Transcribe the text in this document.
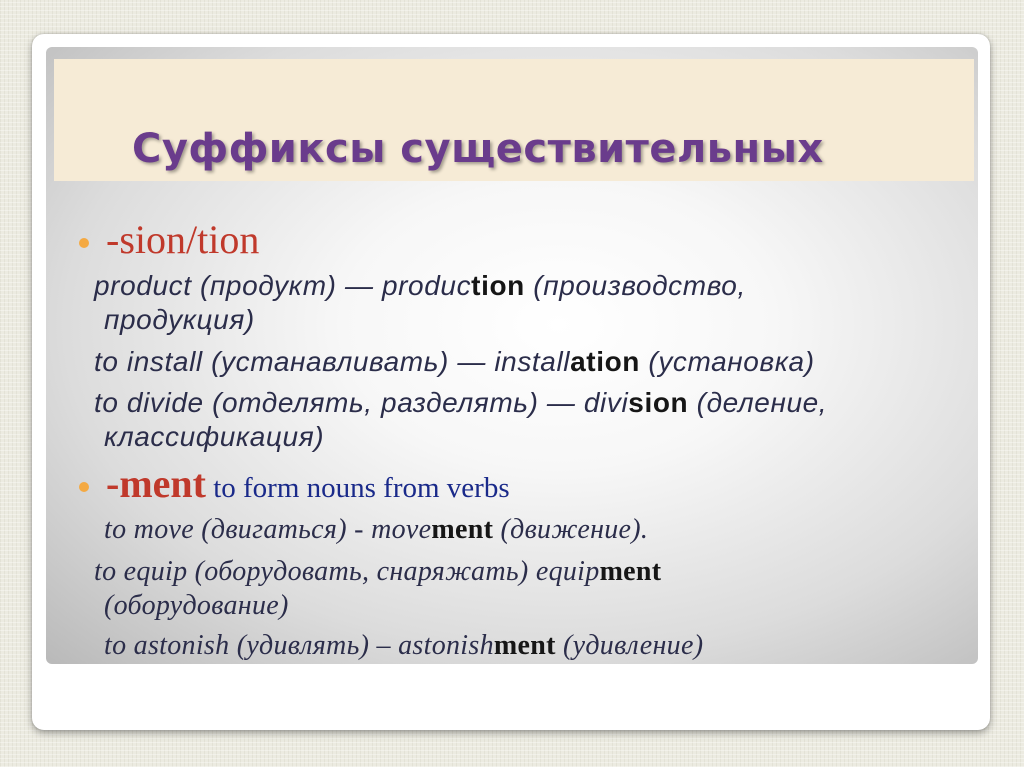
Суффиксы существительных
-sion/tion

product (продукт) — production (производство,

продукция)

to install (устанавливать) — installation (установка)

to divide (отделять, разделять) — division (деление,

классификация)

-ment to form nouns from verbs

to move (двигаться) - movement (движение).

to equip (оборудовать, снаряжать) equipment

(оборудование)

to astonish (удивлять) – astonishment (удивление)
